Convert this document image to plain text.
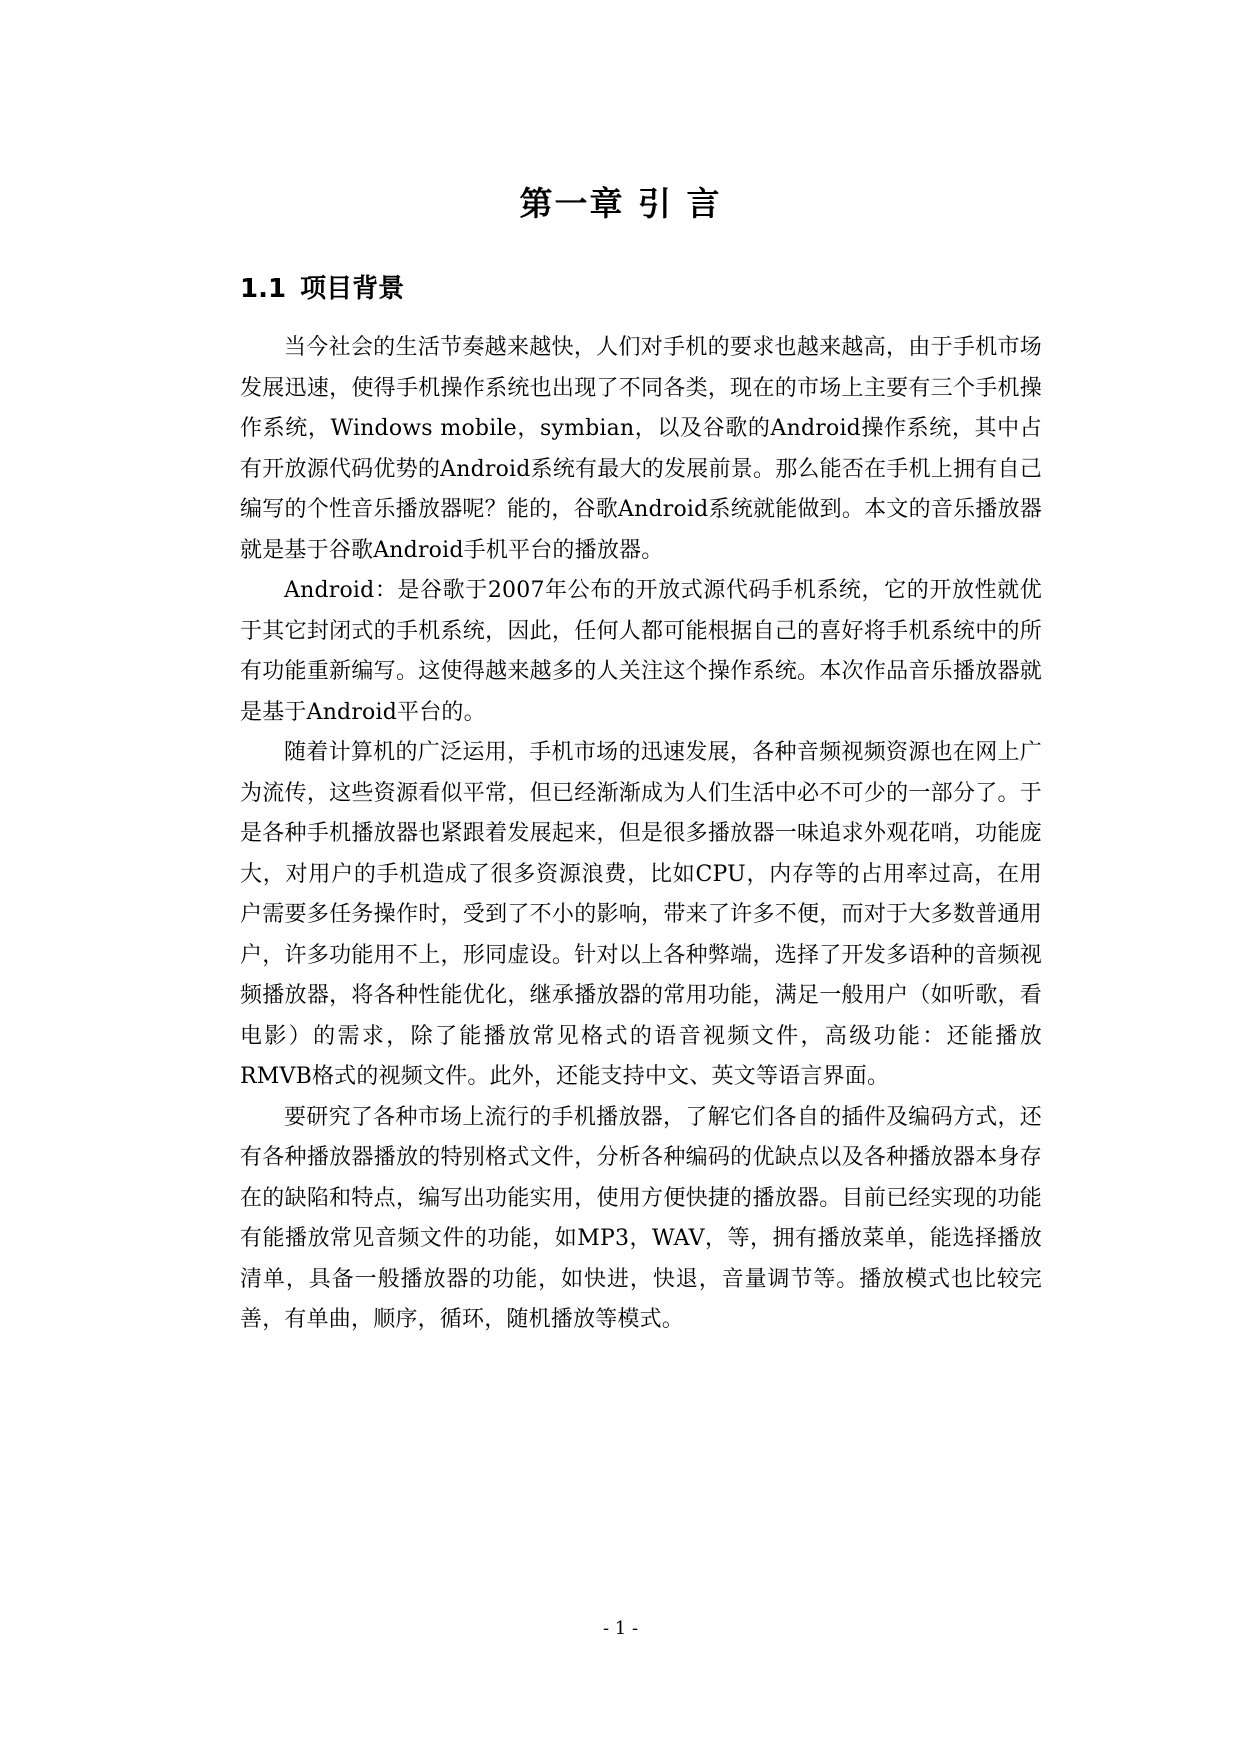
第一章 引 言
1.1 项目背景

当今社会的生活节奏越来越快，人们对手机的要求也越来越高，由于手机市场发展迅速，使得手机操作系统也出现了不同各类，现在的市场上主要有三个手机操作系统，Windows mobile，symbian，以及谷歌的Android操作系统，其中占有开放源代码优势的Android系统有最大的发展前景。那么能否在手机上拥有自己编写的个性音乐播放器呢？能的，谷歌Android系统就能做到。本文的音乐播放器就是基于谷歌Android手机平台的播放器。

Android：是谷歌于2007年公布的开放式源代码手机系统，它的开放性就优于其它封闭式的手机系统，因此，任何人都可能根据自己的喜好将手机系统中的所有功能重新编写。这使得越来越多的人关注这个操作系统。本次作品音乐播放器就是基于Android平台的。

随着计算机的广泛运用，手机市场的迅速发展，各种音频视频资源也在网上广为流传，这些资源看似平常，但已经渐渐成为人们生活中必不可少的一部分了。于是各种手机播放器也紧跟着发展起来，但是很多播放器一味追求外观花哨，功能庞大，对用户的手机造成了很多资源浪费，比如CPU，内存等的占用率过高，在用户需要多任务操作时，受到了不小的影响，带来了许多不便，而对于大多数普通用户，许多功能用不上，形同虚设。针对以上各种弊端，选择了开发多语种的音频视频播放器，将各种性能优化，继承播放器的常用功能，满足一般用户（如听歌，看电影）的需求，除了能播放常见格式的语音视频文件，高级功能：还能播放RMVB格式的视频文件。此外，还能支持中文、英文等语言界面。

要研究了各种市场上流行的手机播放器，了解它们各自的插件及编码方式，还有各种播放器播放的特别格式文件，分析各种编码的优缺点以及各种播放器本身存在的缺陷和特点，编写出功能实用，使用方便快捷的播放器。目前已经实现的功能有能播放常见音频文件的功能，如MP3，WAV，等，拥有播放菜单，能选择播放清单，具备一般播放器的功能，如快进，快退，音量调节等。播放模式也比较完善，有单曲，顺序，循环，随机播放等模式。

- 1 -
